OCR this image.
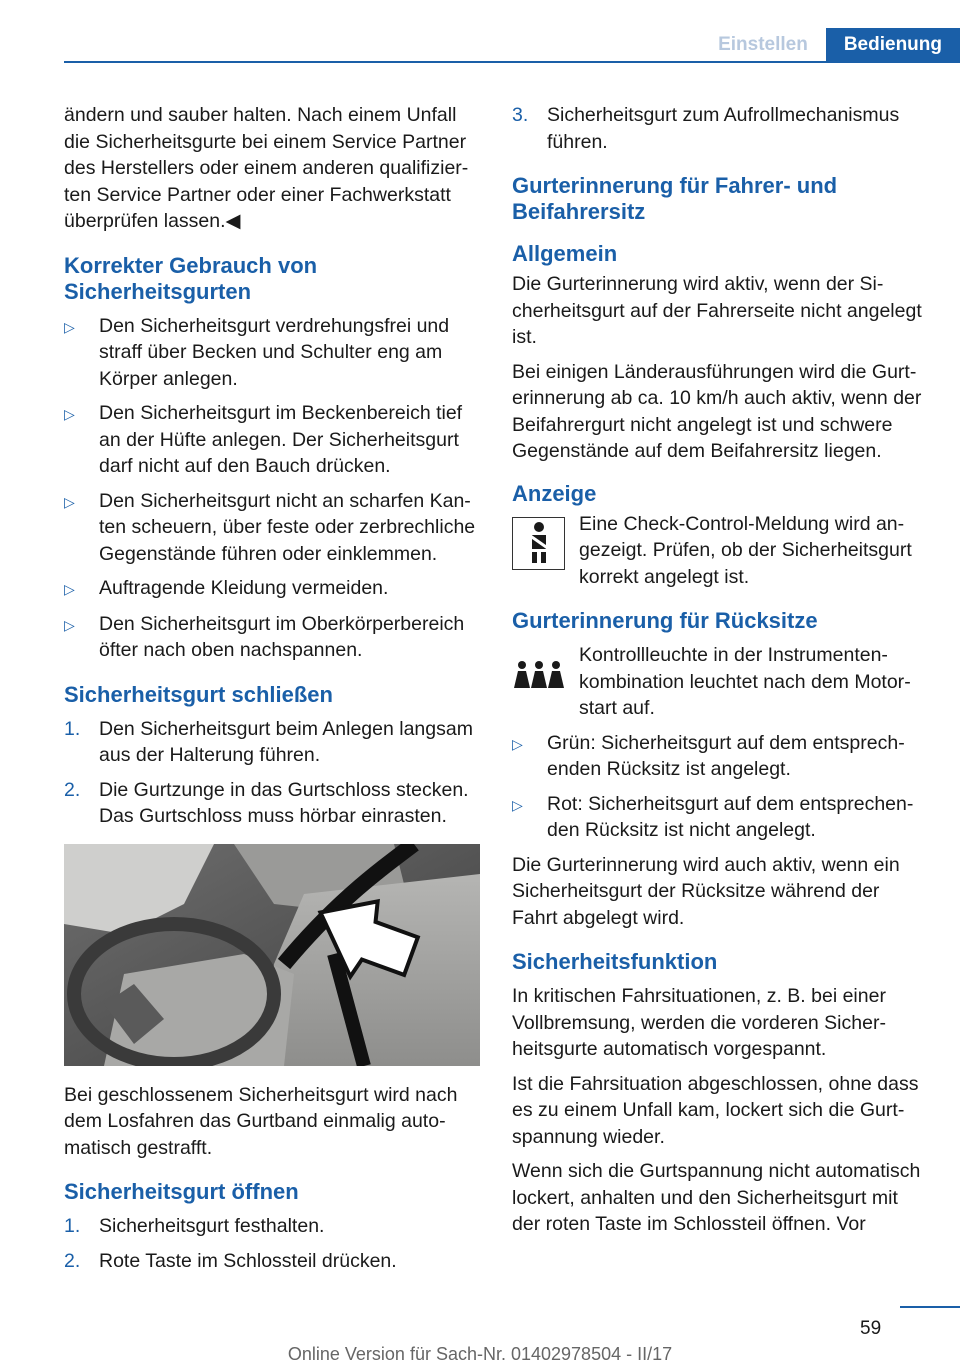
Einstellen	Bedienung

ändern und sauber halten. Nach einem Unfall die Sicherheitsgurte bei einem Service Partner des Herstellers oder einem anderen qualifizierten Service Partner oder einer Fachwerkstatt überprüfen lassen.◀

Korrekter Gebrauch von Sicherheitsgurten
▷	Den Sicherheitsgurt verdrehungsfrei und straff über Becken und Schulter eng am Körper anlegen.
▷	Den Sicherheitsgurt im Beckenbereich tief an der Hüfte anlegen. Der Sicherheitsgurt darf nicht auf den Bauch drücken.
▷	Den Sicherheitsgurt nicht an scharfen Kanten scheuern, über feste oder zerbrechliche Gegenstände führen oder einklemmen.
▷	Auftragende Kleidung vermeiden.
▷	Den Sicherheitsgurt im Oberkörperbereich öfter nach oben nachspannen.
Sicherheitsgurt schließen
1. Den Sicherheitsgurt beim Anlegen langsam aus der Halterung führen.
2. Die Gurtzunge in das Gurtschloss stecken. Das Gurtschloss muss hörbar einrasten.

Bei geschlossenem Sicherheitsgurt wird nach dem Losfahren das Gurtband einmalig automatisch gestrafft.

Sicherheitsgurt öffnen
1. Sicherheitsgurt festhalten.
2. Rote Taste im Schlossteil drücken.
3. Sicherheitsgurt zum Aufrollmechanismus führen.
Gurterinnerung für Fahrer- und Beifahrersitz
Allgemein

Die Gurterinnerung wird aktiv, wenn der Sicherheitsgurt auf der Fahrerseite nicht angelegt ist.

Bei einigen Länderausführungen wird die Gurterinnerung ab ca. 10 km/h auch aktiv, wenn der Beifahrergurt nicht angelegt ist und schwere Gegenstände auf dem Beifahrersitz liegen.

Anzeige
Eine Check-Control-Meldung wird angezeigt. Prüfen, ob der Sicherheitsgurt korrekt angelegt ist.
Gurterinnerung für Rücksitze
Kontrollleuchte in der Instrumentenkombination leuchtet nach dem Motorstart auf.
▷	Grün: Sicherheitsgurt auf dem entsprechenden Rücksitz ist angelegt.
▷	Rot: Sicherheitsgurt auf dem entsprechenden Rücksitz ist nicht angelegt.

Die Gurterinnerung wird auch aktiv, wenn ein Sicherheitsgurt der Rücksitze während der Fahrt abgelegt wird.

Sicherheitsfunktion

In kritischen Fahrsituationen, z. B. bei einer Vollbremsung, werden die vorderen Sicherheitsgurte automatisch vorgespannt.

Ist die Fahrsituation abgeschlossen, ohne dass es zu einem Unfall kam, lockert sich die Gurtspannung wieder.

Wenn sich die Gurtspannung nicht automatisch lockert, anhalten und den Sicherheitsgurt mit der roten Taste im Schlossteil öffnen. Vor

59
Online Version für Sach-Nr. 01402978504 - II/17
